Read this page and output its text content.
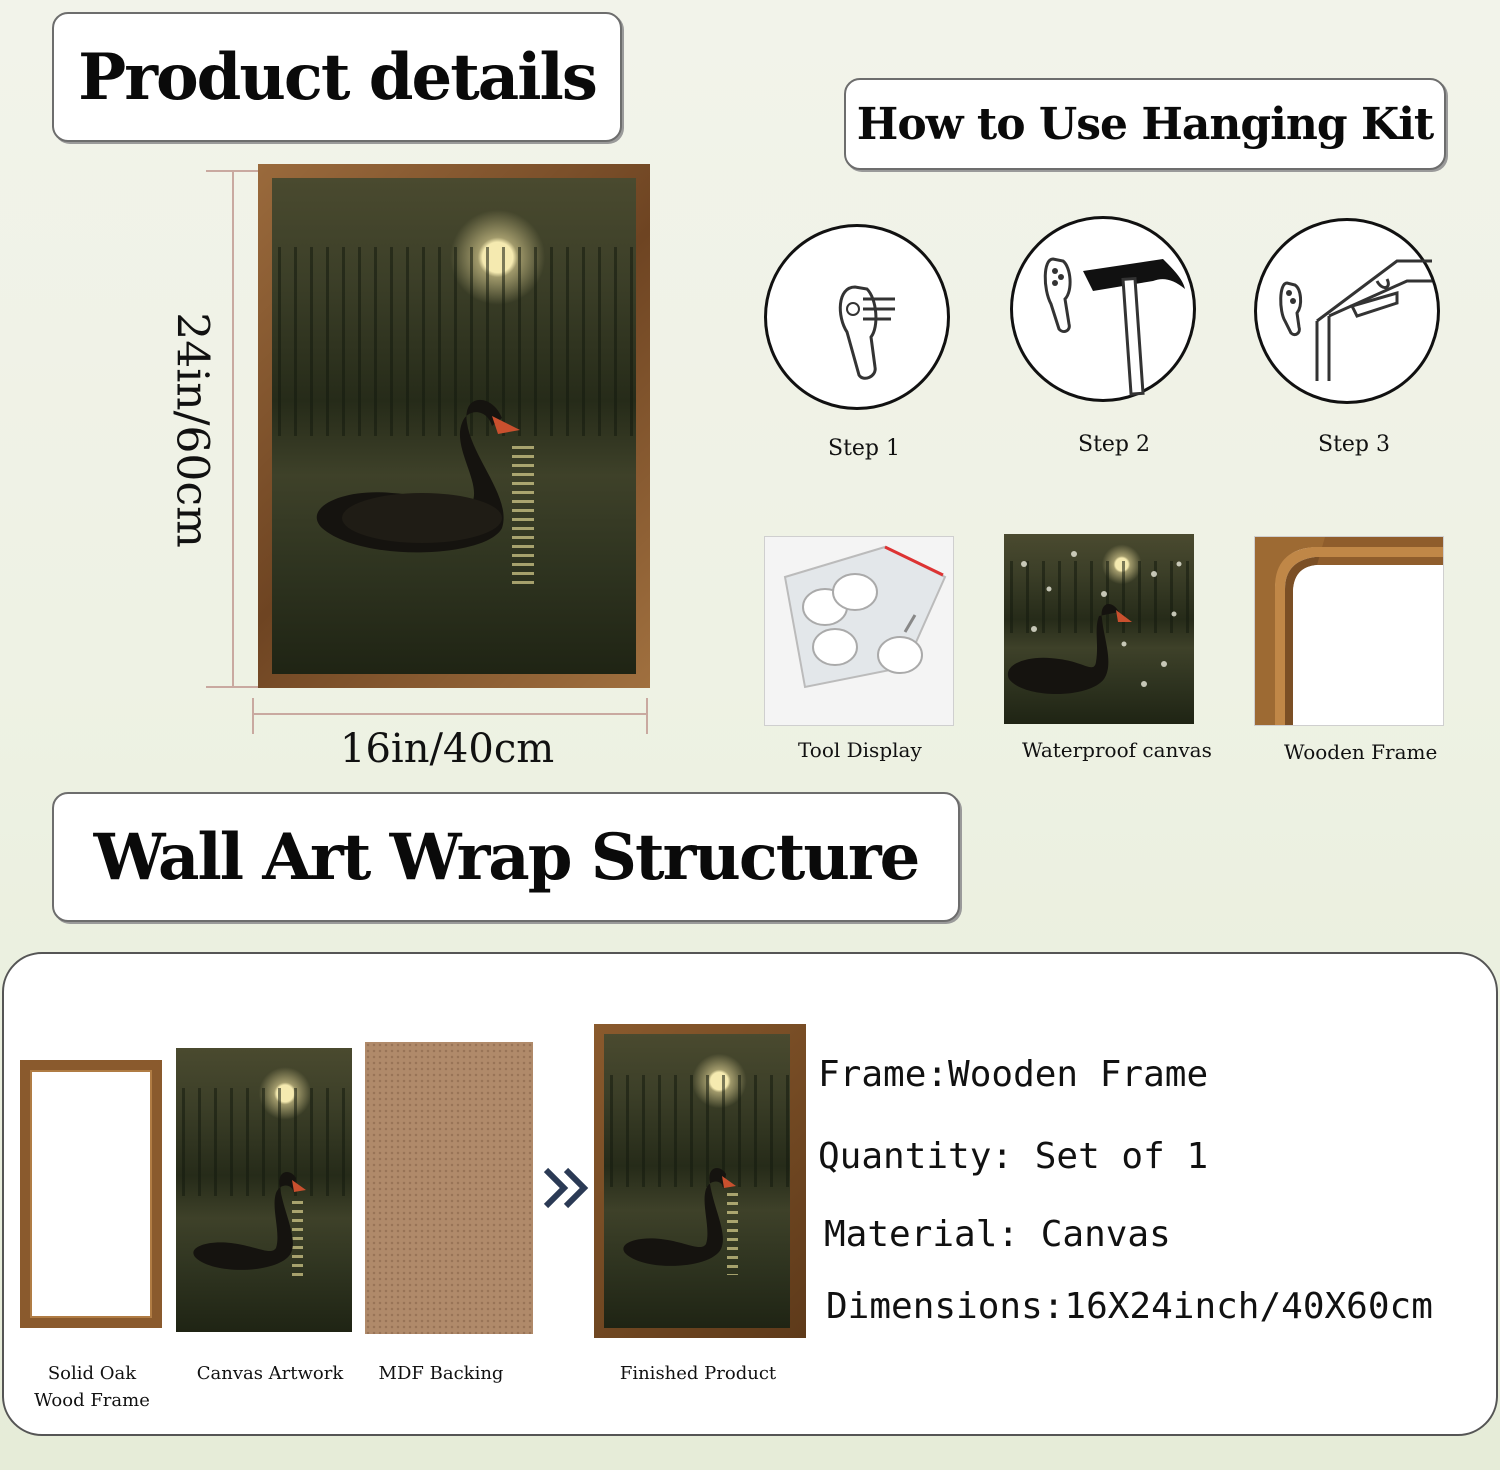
Product details
How to Use Hanging Kit
24in/60cm
16in/40cm
Step 1	Step 2	Step 3
Tool Display	Waterproof canvas	Wooden Frame
Wall Art Wrap Structure
Solid Oak Wood Frame
Canvas Artwork	MDF Backing	Finished Product
Frame:Wooden Frame
Quantity: Set of 1
Material: Canvas
Dimensions:16X24inch/40X60cm
